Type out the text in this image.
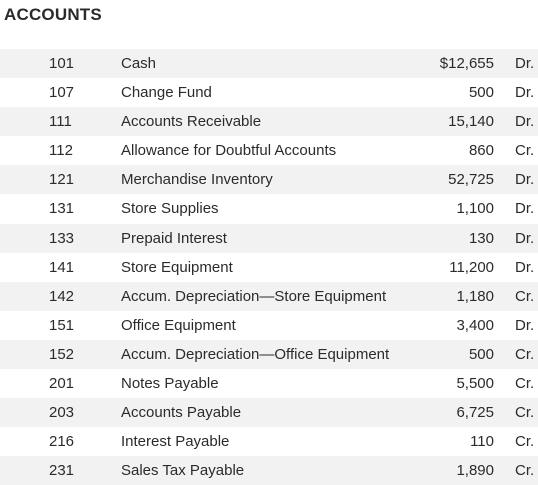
ACCOUNTS
101	Cash	$12,655 Dr.
107	Change Fund	500 Dr.
111	Accounts Receivable	15,140 Dr.
112	Allowance for Doubtful Accounts	860 Cr.
121	Merchandise Inventory	52,725 Dr.
131	Store Supplies	1,100 Dr.
133	Prepaid Interest	130 Dr.
141	Store Equipment	11,200 Dr.
142	Accum. Depreciation—Store Equipment	1,180 Cr.
151	Office Equipment	3,400 Dr.
152	Accum. Depreciation—Office Equipment	500 Cr.
201	Notes Payable	5,500 Cr.
203	Accounts Payable	6,725 Cr.
216	Interest Payable	110 Cr.
231	Sales Tax Payable	1,890 Cr.
